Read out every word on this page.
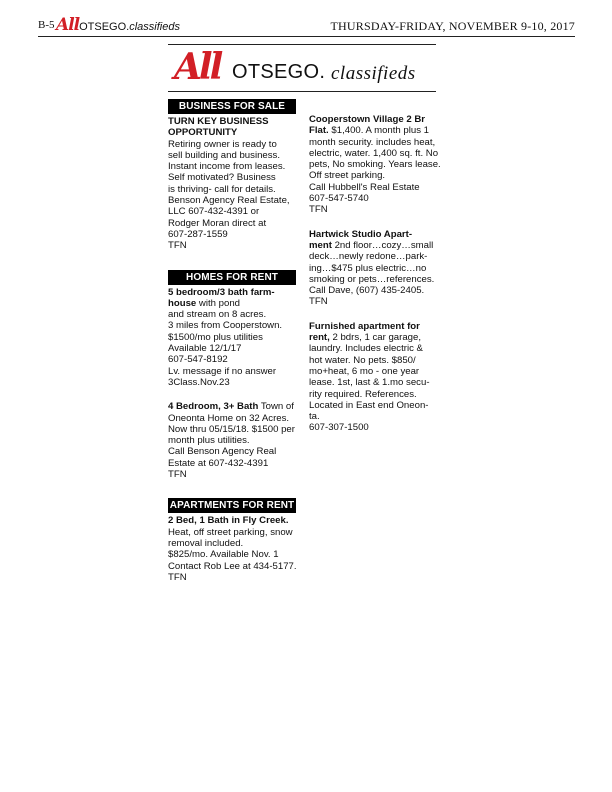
B-5 AllOTSEGO.classifieds	THURSDAY-FRIDAY, NOVEMBER 9-10, 2017
All OTSEGO. classifieds
BUSINESS FOR SALE
TURN KEY BUSINESS
OPPORTUNITY
Retiring owner is ready to
sell building and business.
Instant income from leases.
Self motivated? Business
is thriving- call for details.
Benson Agency Real Estate,
LLC 607-432-4391 or
Rodger Moran direct at
607-287-1559
TFN
HOMES FOR RENT
5 bedroom/3 bath farm-
house with pond
and stream on 8 acres.
3 miles from Cooperstown.
$1500/mo plus utilities
Available 12/1/17
607-547-8192
Lv. message if no answer
3Class.Nov.23
4 Bedroom, 3+ Bath Town of
Oneonta Home on 32 Acres.
Now thru 05/15/18. $1500 per
month plus utilities.
Call Benson Agency Real
Estate at 607-432-4391
TFN
APARTMENTS FOR RENT
2 Bed, 1 Bath in Fly Creek.
Heat, off street parking, snow
removal included.
$825/mo. Available Nov. 1
Contact Rob Lee at 434-5177.
TFN
Cooperstown Village 2 Br
Flat. $1,400. A month plus 1
month security. includes heat,
electric, water. 1,400 sq. ft. No
pets, No smoking. Years lease.
Off street parking.
Call Hubbell's Real Estate
607-547-5740
TFN
Hartwick Studio Apart-
ment 2nd floor…cozy…small
deck…newly redone…park-
ing…$475 plus electric…no
smoking or pets…references.
Call Dave, (607) 435-2405.
TFN
Furnished apartment for
rent, 2 bdrs, 1 car garage,
laundry. Includes electric &
hot water. No pets. $850/
mo+heat, 6 mo - one year
lease. 1st, last & 1.mo secu-
rity required. References.
Located in East end Oneon-
ta.
607-307-1500
